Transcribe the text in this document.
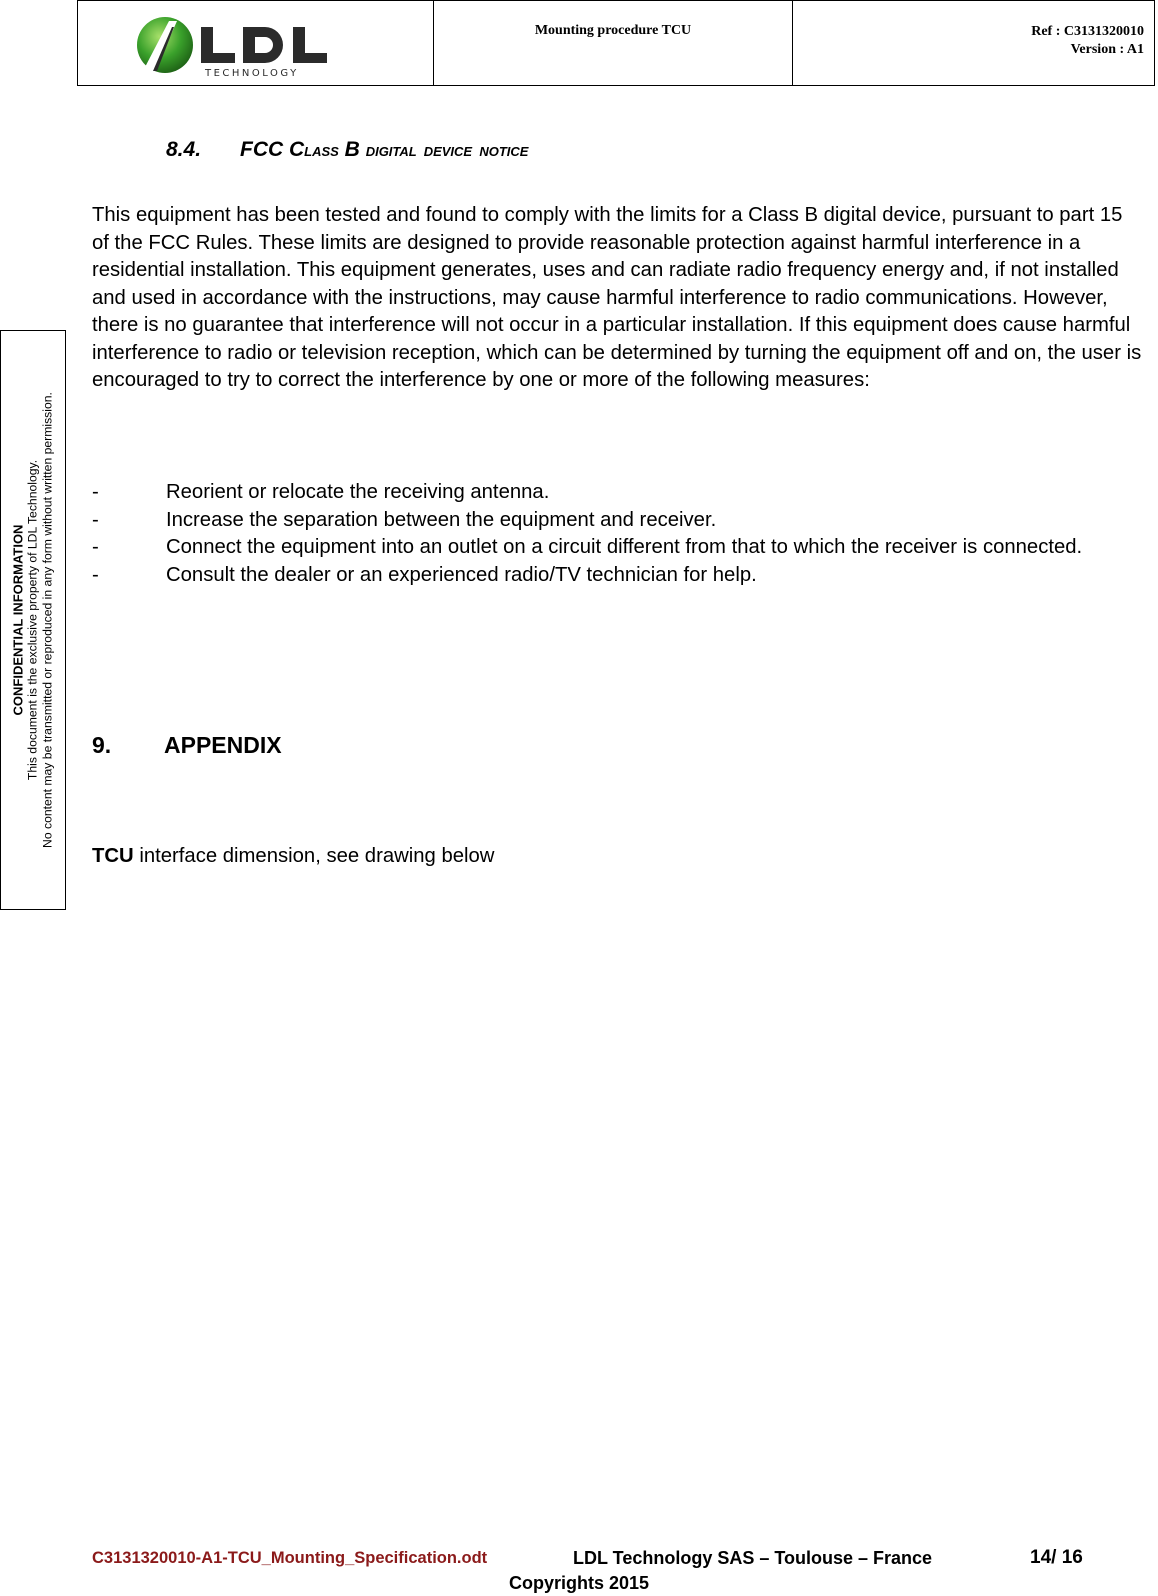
TECHNOLOGY
	Mounting procedure TCU	Ref : C3131320010
Version : A1
CONFIDENTIAL INFORMATION This document is the exclusive property of LDL Technology. No content may be transmitted or reproduced in any form without written permission.
8.4. FCC CLASS B DIGITAL  DEVICE  NOTICE

This equipment has been tested and found to comply with the limits for a Class B digital device, pursuant to part 15 of the FCC Rules. These limits are designed to provide reasonable protection against harmful interference in a residential installation. This equipment generates, uses and can radiate radio frequency energy and, if not installed and used in accordance with the instructions, may cause harmful interference to radio communications. However, there is no guarantee that interference will not occur in a particular installation. If this equipment does cause harmful interference to radio or television reception, which can be determined by turning the equipment off and on, the user is encouraged to try to correct the interference by one or more of the following measures:

-	Reorient or relocate the receiving antenna.
-	Increase the separation between the equipment and receiver.
-	Connect the equipment into an outlet on a circuit different from that to which the receiver is connected.
-	Consult the dealer or an experienced radio/TV technician for help.
9. APPENDIX
TCU interface dimension, see drawing below
C3131320010-A1-TCU_Mounting_Specification.odt	LDL Technology SAS – Toulouse – France	14/ 16
Copyrights 2015
